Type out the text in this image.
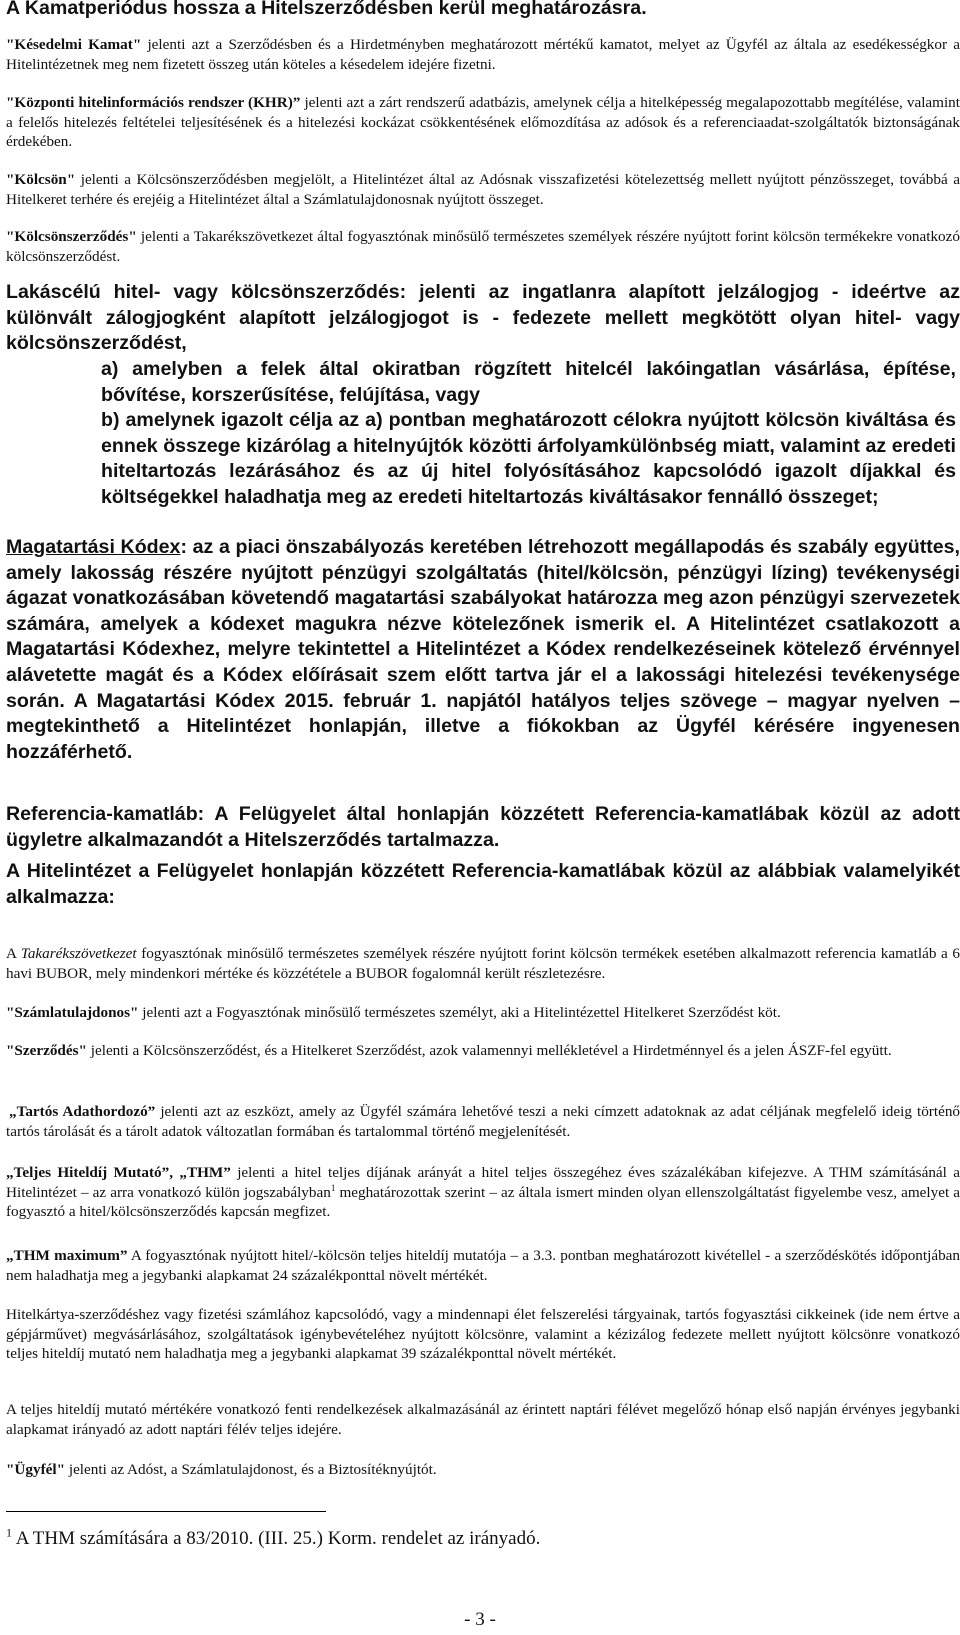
A Kamatperiódus hossza a Hitelszerződésben kerül meghatározásra.

"Késedelmi Kamat" jelenti azt a Szerződésben és a Hirdetményben meghatározott mértékű kamatot, melyet az Ügyfél az általa az esedékességkor a Hitelintézetnek meg nem fizetett összeg után köteles a késedelem idejére fizetni.

"Központi hitelinformációs rendszer (KHR)” jelenti azt a zárt rendszerű adatbázis, amelynek célja a hitelképesség megalapozottabb megítélése, valamint a felelős hitelezés feltételei teljesítésének és a hitelezési kockázat csökkentésének előmozdítása az adósok és a referenciaadat-szolgáltatók biztonságának érdekében.

"Kölcsön" jelenti a Kölcsönszerződésben megjelölt, a Hitelintézet által az Adósnak visszafizetési kötelezettség mellett nyújtott pénzösszeget, továbbá a Hitelkeret terhére és erejéig a Hitelintézet által a Számlatulajdonosnak nyújtott összeget.

"Kölcsönszerződés" jelenti a Takarékszövetkezet által fogyasztónak minősülő természetes személyek részére nyújtott forint kölcsön termékekre vonatkozó kölcsönszerződést.

Lakáscélú hitel- vagy kölcsönszerződés: jelenti az ingatlanra alapított jelzálogjog - ideértve az különvált zálogjogként alapított jelzálogjogot is - fedezete mellett megkötött olyan hitel- vagy kölcsönszerződést,

a) amelyben a felek által okiratban rögzített hitelcél lakóingatlan vásárlása, építése, bővítése, korszerűsítése, felújítása, vagy

b) amelynek igazolt célja az a) pontban meghatározott célokra nyújtott kölcsön kiváltása és ennek összege kizárólag a hitelnyújtók közötti árfolyamkülönbség miatt, valamint az eredeti hiteltartozás lezárásához és az új hitel folyósításához kapcsolódó igazolt díjakkal és költségekkel haladhatja meg az eredeti hiteltartozás kiváltásakor fennálló összeget;

Magatartási Kódex: az a piaci önszabályozás keretében létrehozott megállapodás és szabály együttes, amely lakosság részére nyújtott pénzügyi szolgáltatás (hitel/kölcsön, pénzügyi lízing) tevékenységi ágazat vonatkozásában követendő magatartási szabályokat határozza meg azon pénzügyi szervezetek számára, amelyek a kódexet magukra nézve kötelezőnek ismerik el. A Hitelintézet csatlakozott a Magatartási Kódexhez, melyre tekintettel a Hitelintézet a Kódex rendelkezéseinek kötelező érvénnyel alávetette magát és a Kódex előírásait szem előtt tartva jár el a lakossági hitelezési tevékenysége során. A Magatartási Kódex 2015. február 1. napjától hatályos teljes szövege – magyar nyelven – megtekinthető a Hitelintézet honlapján, illetve a fiókokban az Ügyfél kérésére ingyenesen hozzáférhető.

Referencia-kamatláb: A Felügyelet által honlapján közzétett Referencia-kamatlábak közül az adott ügyletre alkalmazandót a Hitelszerződés tartalmazza.

A Hitelintézet a Felügyelet honlapján közzétett Referencia-kamatlábak közül az alábbiak valamelyikét alkalmazza:

A Takarékszövetkezet fogyasztónak minősülő természetes személyek részére nyújtott forint kölcsön termékek esetében alkalmazott referencia kamatláb a 6 havi BUBOR, mely mindenkori mértéke és közzététele a BUBOR fogalomnál került részletezésre.

"Számlatulajdonos" jelenti azt a Fogyasztónak minősülő természetes személyt, aki a Hitelintézettel Hitelkeret Szerződést köt.

"Szerződés" jelenti a Kölcsönszerződést, és a Hitelkeret Szerződést, azok valamennyi mellékletével a Hirdetménnyel és a jelen ÁSZF-fel együtt.

„Tartós Adathordozó” jelenti azt az eszközt, amely az Ügyfél számára lehetővé teszi a neki címzett adatoknak az adat céljának megfelelő ideig történő tartós tárolását és a tárolt adatok változatlan formában és tartalommal történő megjelenítését.

„Teljes Hiteldíj Mutató”, „THM” jelenti a hitel teljes díjának arányát a hitel teljes összegéhez éves százalékában kifejezve. A THM számításánál a Hitelintézet – az arra vonatkozó külön jogszabályban$^1$ meghatározottak szerint – az általa ismert minden olyan ellenszolgáltatást figyelembe vesz, amelyet a fogyasztó a hitel/kölcsönszerződés kapcsán megfizet.

„THM maximum” A fogyasztónak nyújtott hitel/-kölcsön teljes hiteldíj mutatója – a 3.3. pontban meghatározott kivétellel - a szerződéskötés időpontjában nem haladhatja meg a jegybanki alapkamat 24 százalékponttal növelt mértékét.

Hitelkártya-szerződéshez vagy fizetési számlához kapcsolódó, vagy a mindennapi élet felszerelési tárgyainak, tartós fogyasztási cikkeinek (ide nem értve a gépjárművet) megvásárlásához, szolgáltatások igénybevételéhez nyújtott kölcsönre, valamint a kézizálog fedezete mellett nyújtott kölcsönre vonatkozó teljes hiteldíj mutató nem haladhatja meg a jegybanki alapkamat 39 százalékponttal növelt mértékét.

A teljes hiteldíj mutató mértékére vonatkozó fenti rendelkezések alkalmazásánál az érintett naptári félévet megelőző hónap első napján érvényes jegybanki alapkamat irányadó az adott naptári félév teljes idejére.

"Ügyfél" jelenti az Adóst, a Számlatulajdonost, és a Biztosítéknyújtót.

$^1$ A THM számítására a 83/2010. (III. 25.) Korm. rendelet az irányadó.
- 3 -
